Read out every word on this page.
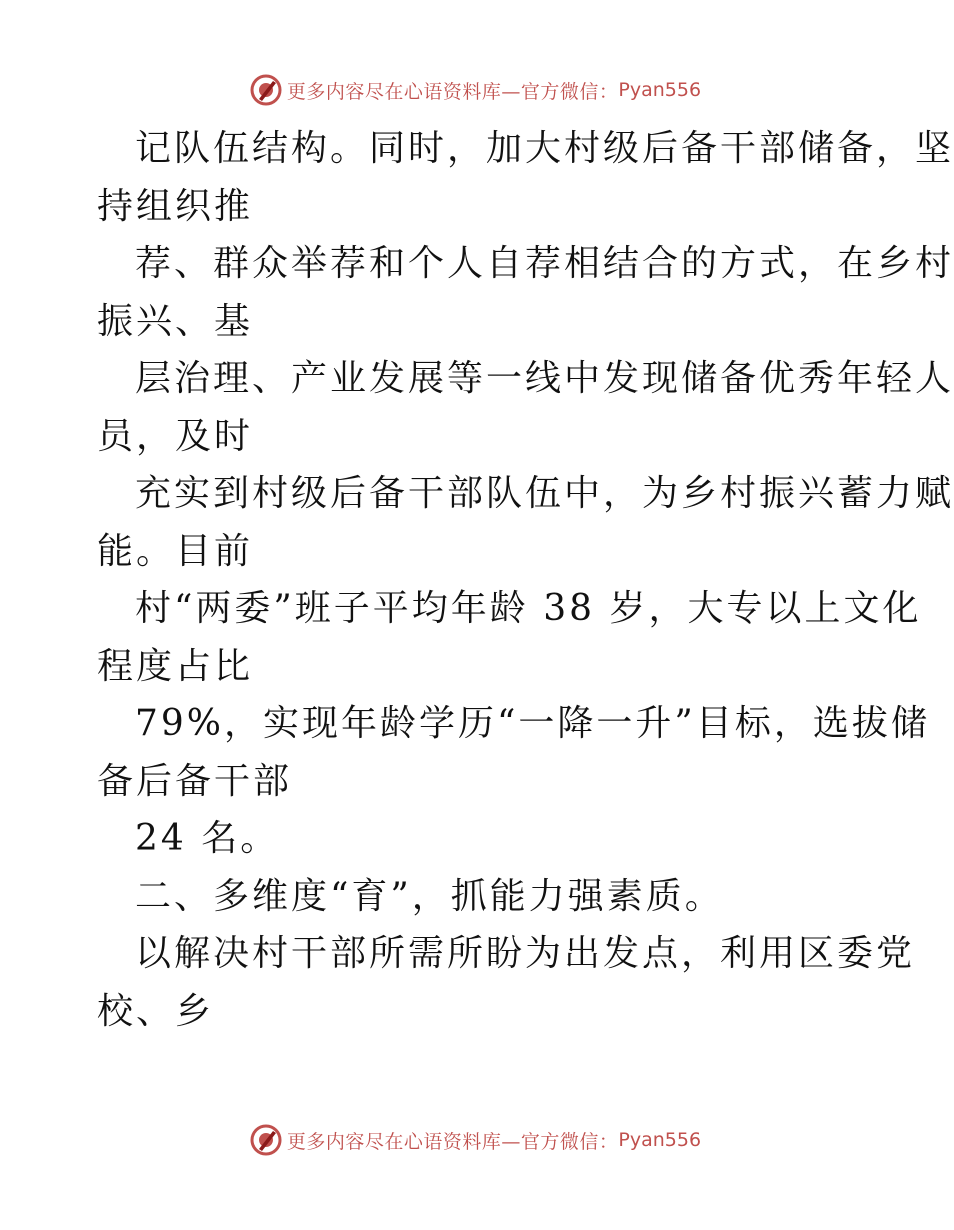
更多内容尽在心语资料库—官方微信： Pyan556
记队伍结构。同时，加大村级后备干部储备，坚
持组织推
荐、群众举荐和个人自荐相结合的方式，在乡村
振兴、基
层治理、产业发展等一线中发现储备优秀年轻人
员，及时
充实到村级后备干部队伍中，为乡村振兴蓄力赋
能。目前
村“两委”班子平均年龄 38 岁，大专以上文化
程度占比
79%，实现年龄学历“一降一升”目标，选拔储
备后备干部
24 名。
二、多维度“育”，抓能力强素质。
以解决村干部所需所盼为出发点，利用区委党
校、乡
更多内容尽在心语资料库—官方微信： Pyan556
